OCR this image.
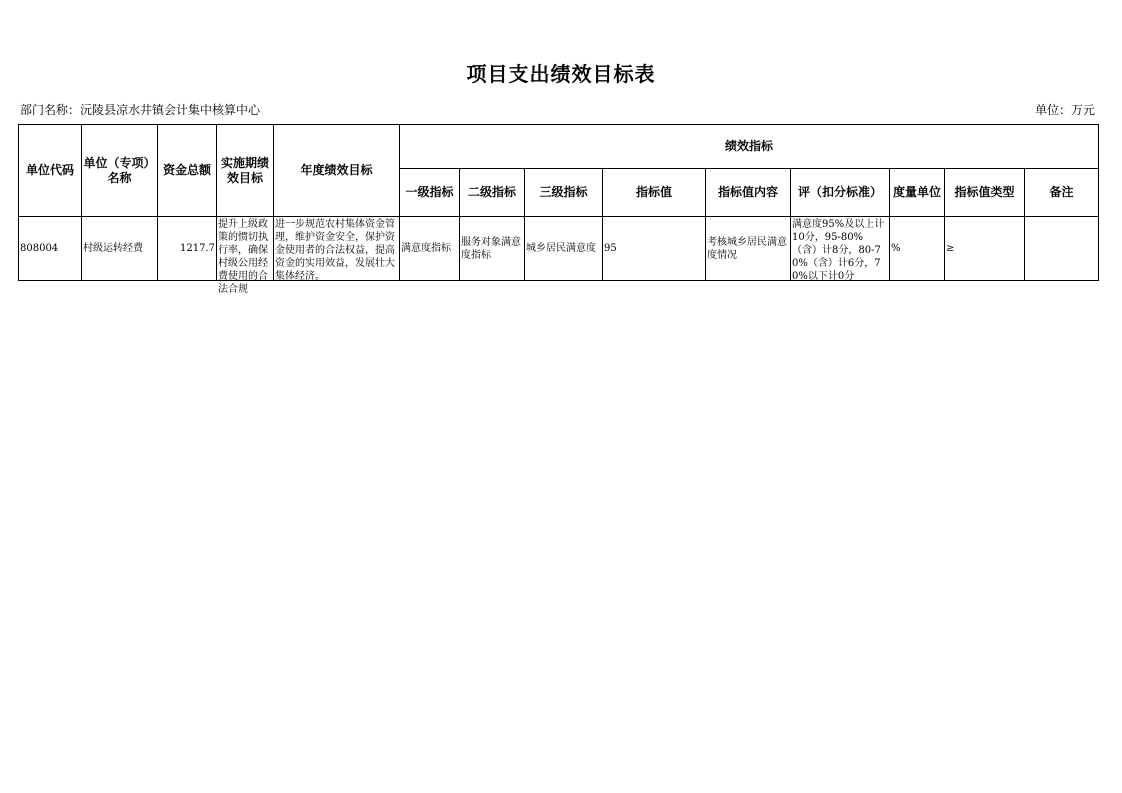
项目支出绩效目标表
部门名称：沅陵县凉水井镇会计集中核算中心	单位：万元
单位代码	单位（专项）名称	资金总额	实施期绩效目标	年度绩效目标	绩效指标								
					一级指标	二级指标	三级指标	指标值	指标值内容	评（扣分标准）	度量单位	指标值类型	备注
808004	村级运转经费	1217.7	提升上级政策的惯切执行率，确保村级公用经费使用的合法合规	进一步规范农村集体资金管理，维护资金安全，保护资金使用者的合法权益，提高资金的实用效益，发展壮大集体经济。	满意度指标	服务对象满意度指标	城乡居民满意度	95	考核城乡居民满意度情况	满意度95%及以上计10分，95-80%（含）计8分，80-70%（含）计6分，70%以下计0分	%	≥	
